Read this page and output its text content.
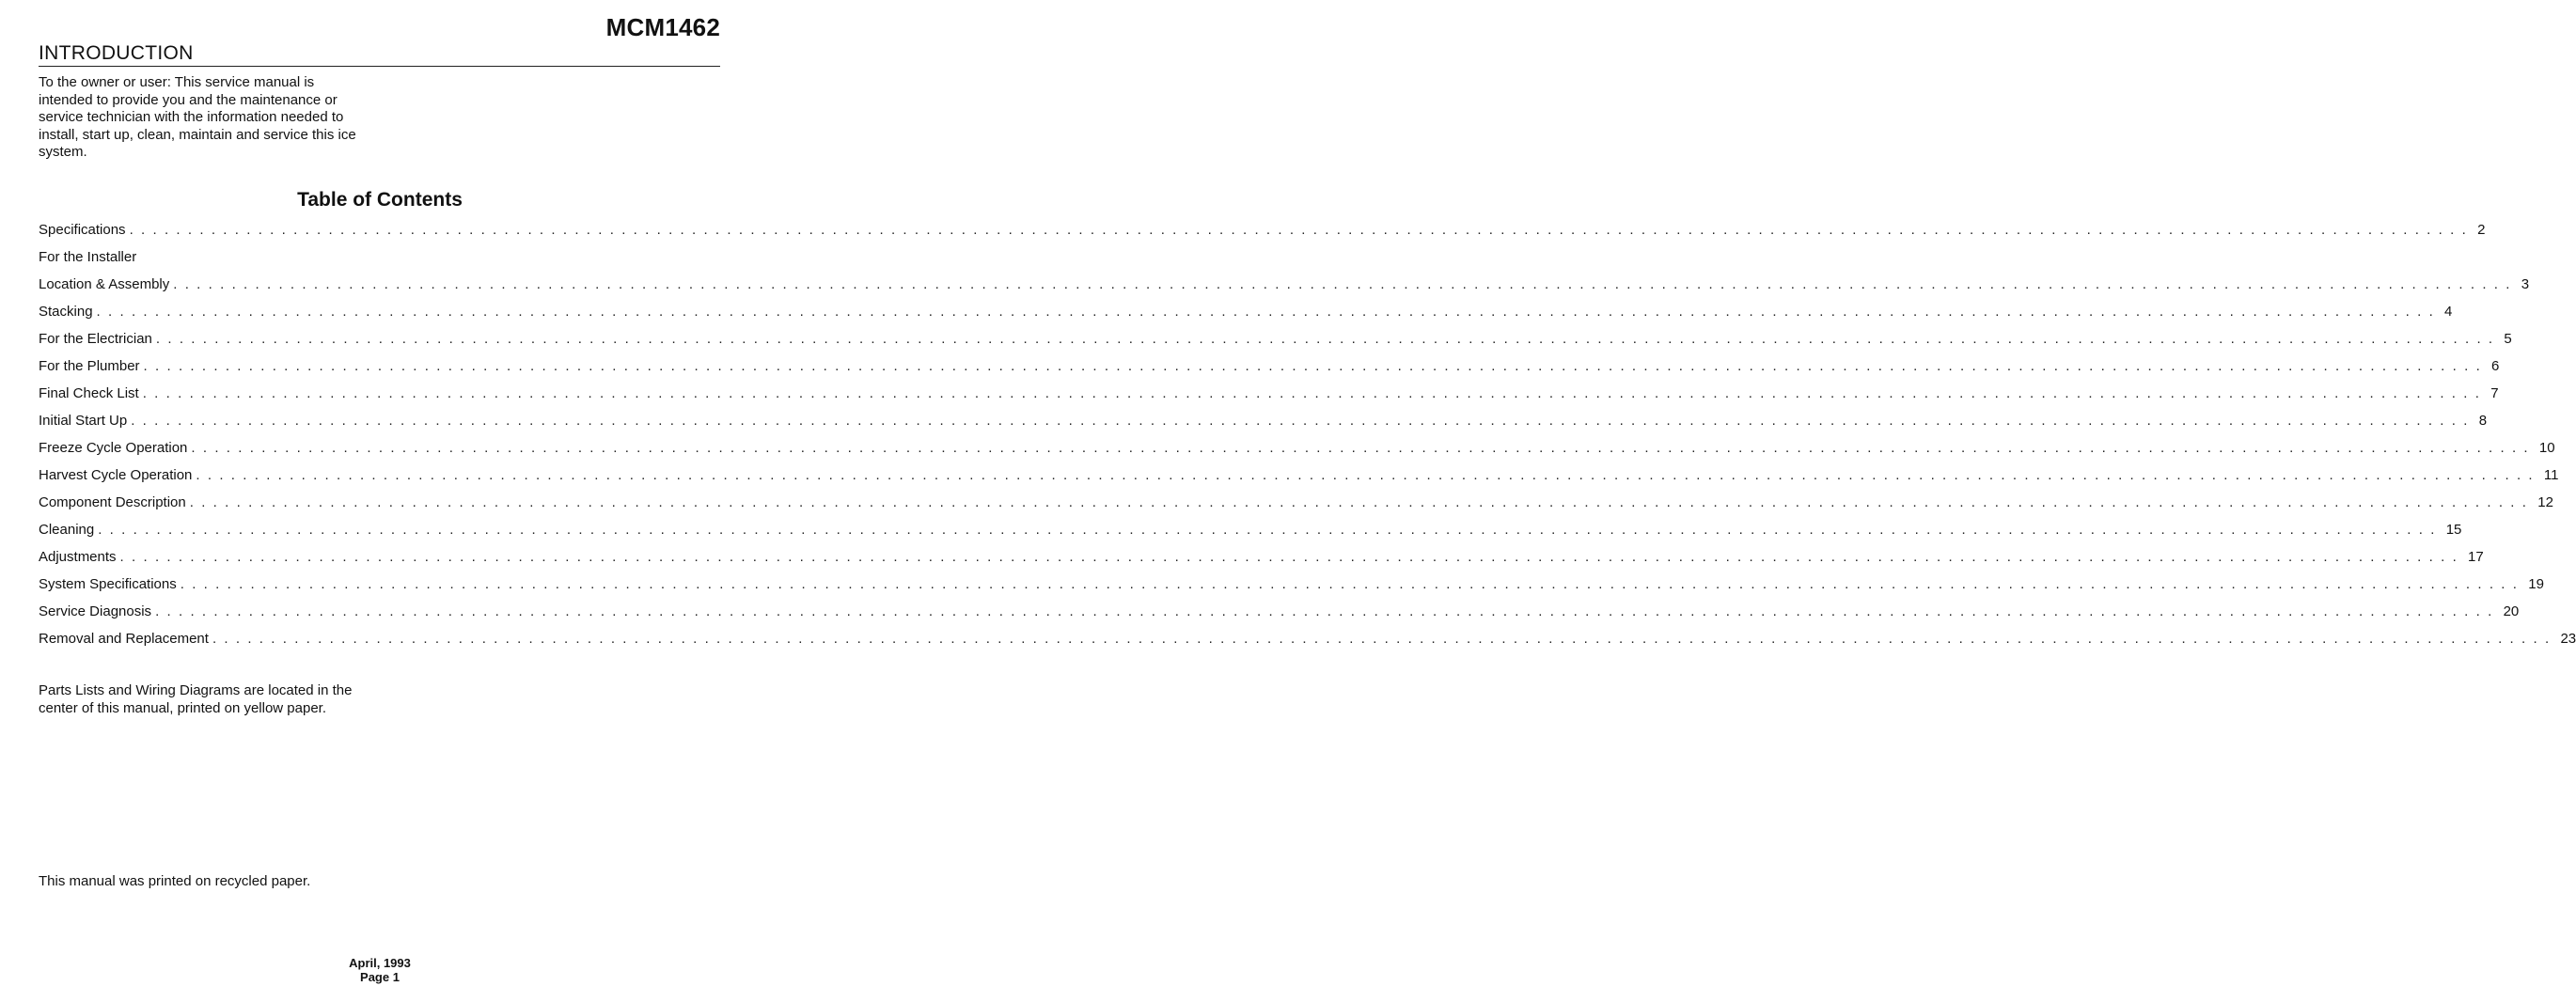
MCM1462
INTRODUCTION
To the owner or user: This service manual is intended to provide you and the maintenance or service technician with the information needed to install, start up, clean, maintain and service this ice system.
Table of Contents
Specifications ........................................................................................................................................................................................................ 2
For the Installer
Location & Assembly ........................................................................................................................................................................................................ 3
Stacking ........................................................................................................................................................................................................ 4
For the Electrician ........................................................................................................................................................................................................ 5
For the Plumber ........................................................................................................................................................................................................ 6
Final Check List ........................................................................................................................................................................................................ 7
Initial Start Up ........................................................................................................................................................................................................ 8
Freeze Cycle Operation ........................................................................................................................................................................................................ 10
Harvest Cycle Operation ........................................................................................................................................................................................................ 11
Component Description ........................................................................................................................................................................................................ 12
Cleaning ........................................................................................................................................................................................................ 15
Adjustments ........................................................................................................................................................................................................ 17
System Specifications ........................................................................................................................................................................................................ 19
Service Diagnosis ........................................................................................................................................................................................................ 20
Removal and Replacement ........................................................................................................................................................................................................ 23
Parts Lists and Wiring Diagrams are located in the center of this manual, printed on yellow paper.
This manual was printed on recycled paper.
April, 1993
Page 1
